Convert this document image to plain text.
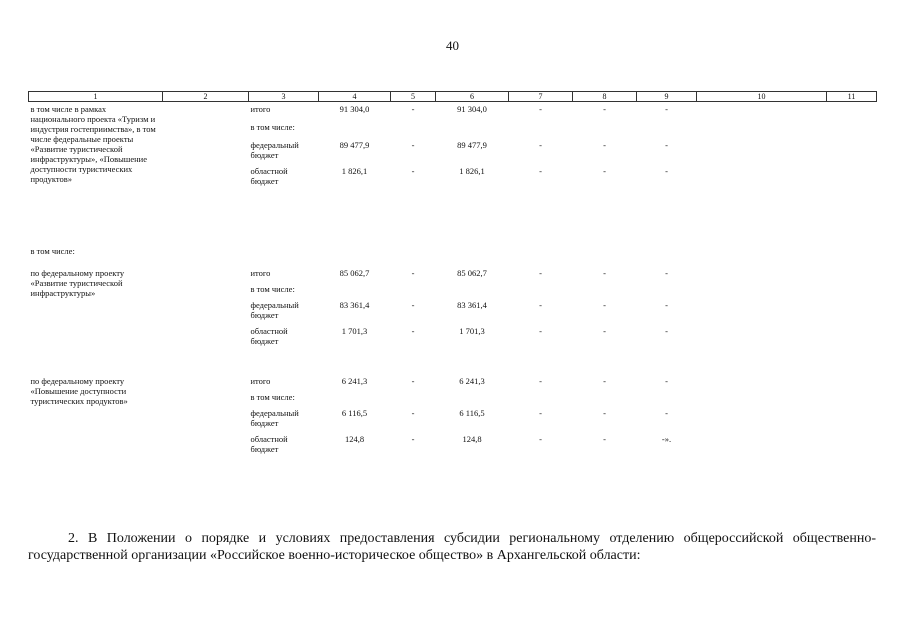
40
1	2	3	4	5	6	7	8	9	10	11
в том числе в рамках национального проекта «Туризм и индустрия гостеприимства», в том числе федеральные проекты «Развитие туристической инфраструктуры», «Повышение доступности туристических продуктов»		итого	91 304,0	-	91 304,0	-	-	-		
		в том числе:								
		федеральный бюджет	89 477,9	-	89 477,9	-	-	-		
		областной бюджет	1 826,1	-	1 826,1	-	-	-		

в том числе:										
по федеральному проекту «Развитие туристической инфраструктуры»		итого	85 062,7	-	85 062,7	-	-	-		
		в том числе:								
		федеральный бюджет	83 361,4	-	83 361,4	-	-	-		
		областной бюджет	1 701,3	-	1 701,3	-	-	-		

по федеральному проекту «Повышение доступности туристических продуктов»		итого	6 241,3	-	6 241,3	-	-	-		
		в том числе:								
		федеральный бюджет	6 116,5	-	6 116,5	-	-	-		
		областной бюджет	124,8	-	124,8	-	-	-».		

2. В Положении о порядке и условиях предоставления субсидии региональному отделению общероссийской общественно-государственной организации «Российское военно-историческое общество» в Архангельской области:
